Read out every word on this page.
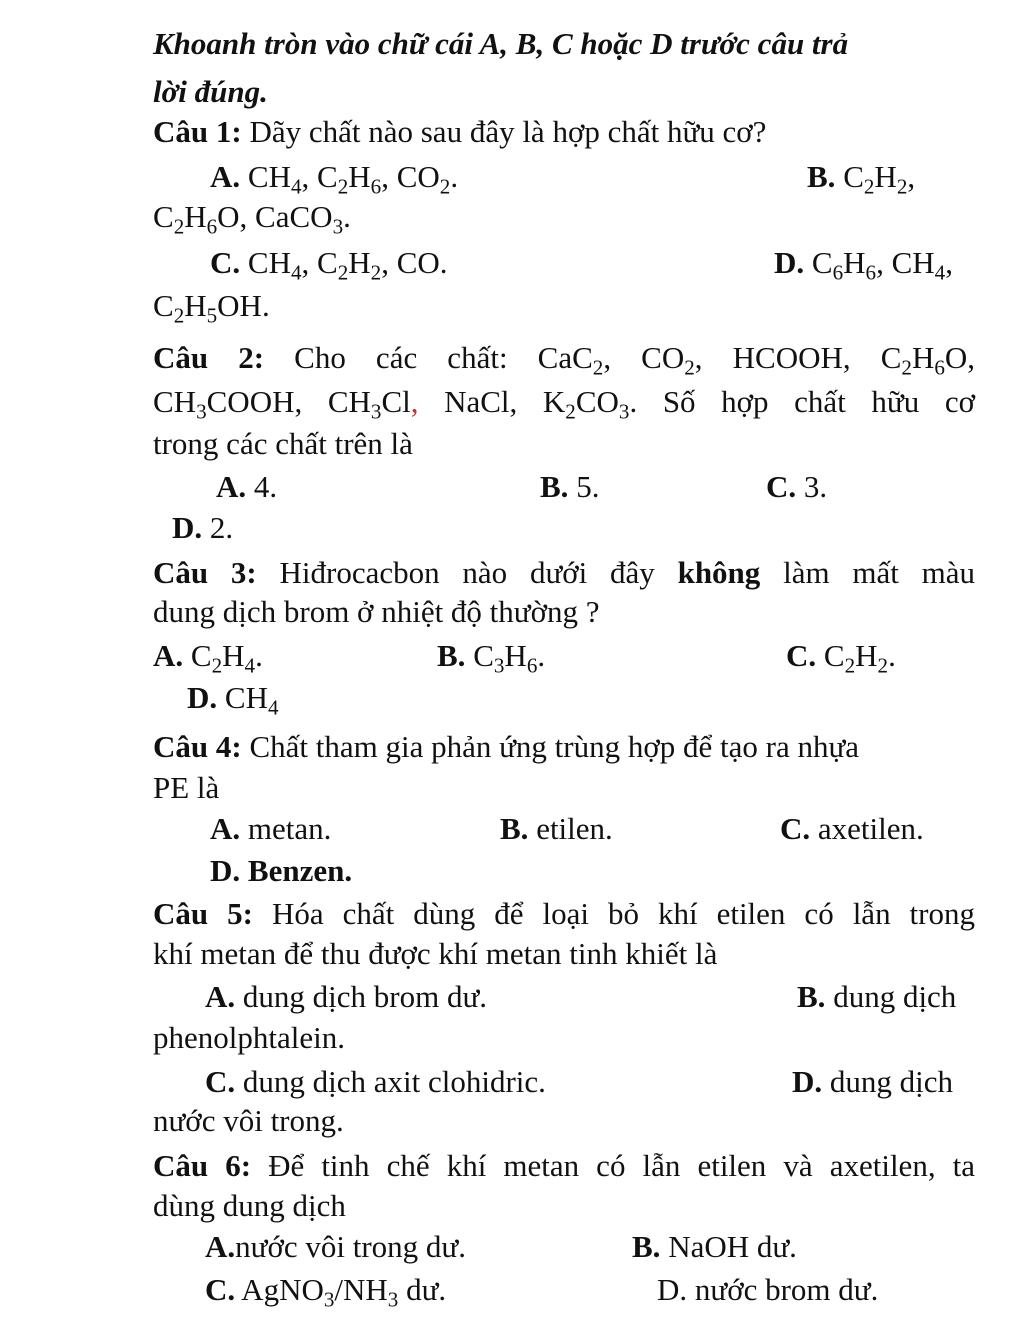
Khoanh tròn vào chữ cái A, B, C hoặc D trước câu trả
lời đúng.
Câu 1: Dãy chất nào sau đây là hợp chất hữu cơ?
A. $CH_4$, $C_2H_6$, $CO_2$.	B. $C_2H_2$,
$C_2H_6O$, CaCO$_3$.
C. $CH_4$, $C_2H_2$, CO.	D. $C_6H_6$, $CH_4$,
$C_2H_5OH$.
Câu 2: Cho các chất: CaC$_2$, $CO_2$, HCOOH, $C_2H_6O$,
$CH_3COOH$, $CH_3Cl$, NaCl, $K_2CO_3$. Số hợp chất hữu cơ
trong các chất trên là
A. 4.	B. 5.	C. 3.
D. 2.
Câu 3: Hiđrocacbon nào dưới đây không làm mất màu
dung dịch brom ở nhiệt độ thường ?
A. $C_2H_4$.	B. $C_3H_6$.	C. $C_2H_2$.
D. $CH_4$
Câu 4: Chất tham gia phản ứng trùng hợp để tạo ra nhựa
PE là
A. metan.	B. etilen.	C. axetilen.
D. Benzen.
Câu 5: Hóa chất dùng để loại bỏ khí etilen có lẫn trong
khí metan để thu được khí metan tinh khiết là
A. dung dịch brom dư.	B. dung dịch
phenolphtalein.
C. dung dịch axit clohidric.	D. dung dịch
nước vôi trong.
Câu 6: Để tinh chế khí metan có lẫn etilen và axetilen, ta
dùng dung dịch
A.nước vôi trong dư.	B. NaOH dư.
C. $AgNO_3/NH_3$ dư.	D. nước brom dư.
